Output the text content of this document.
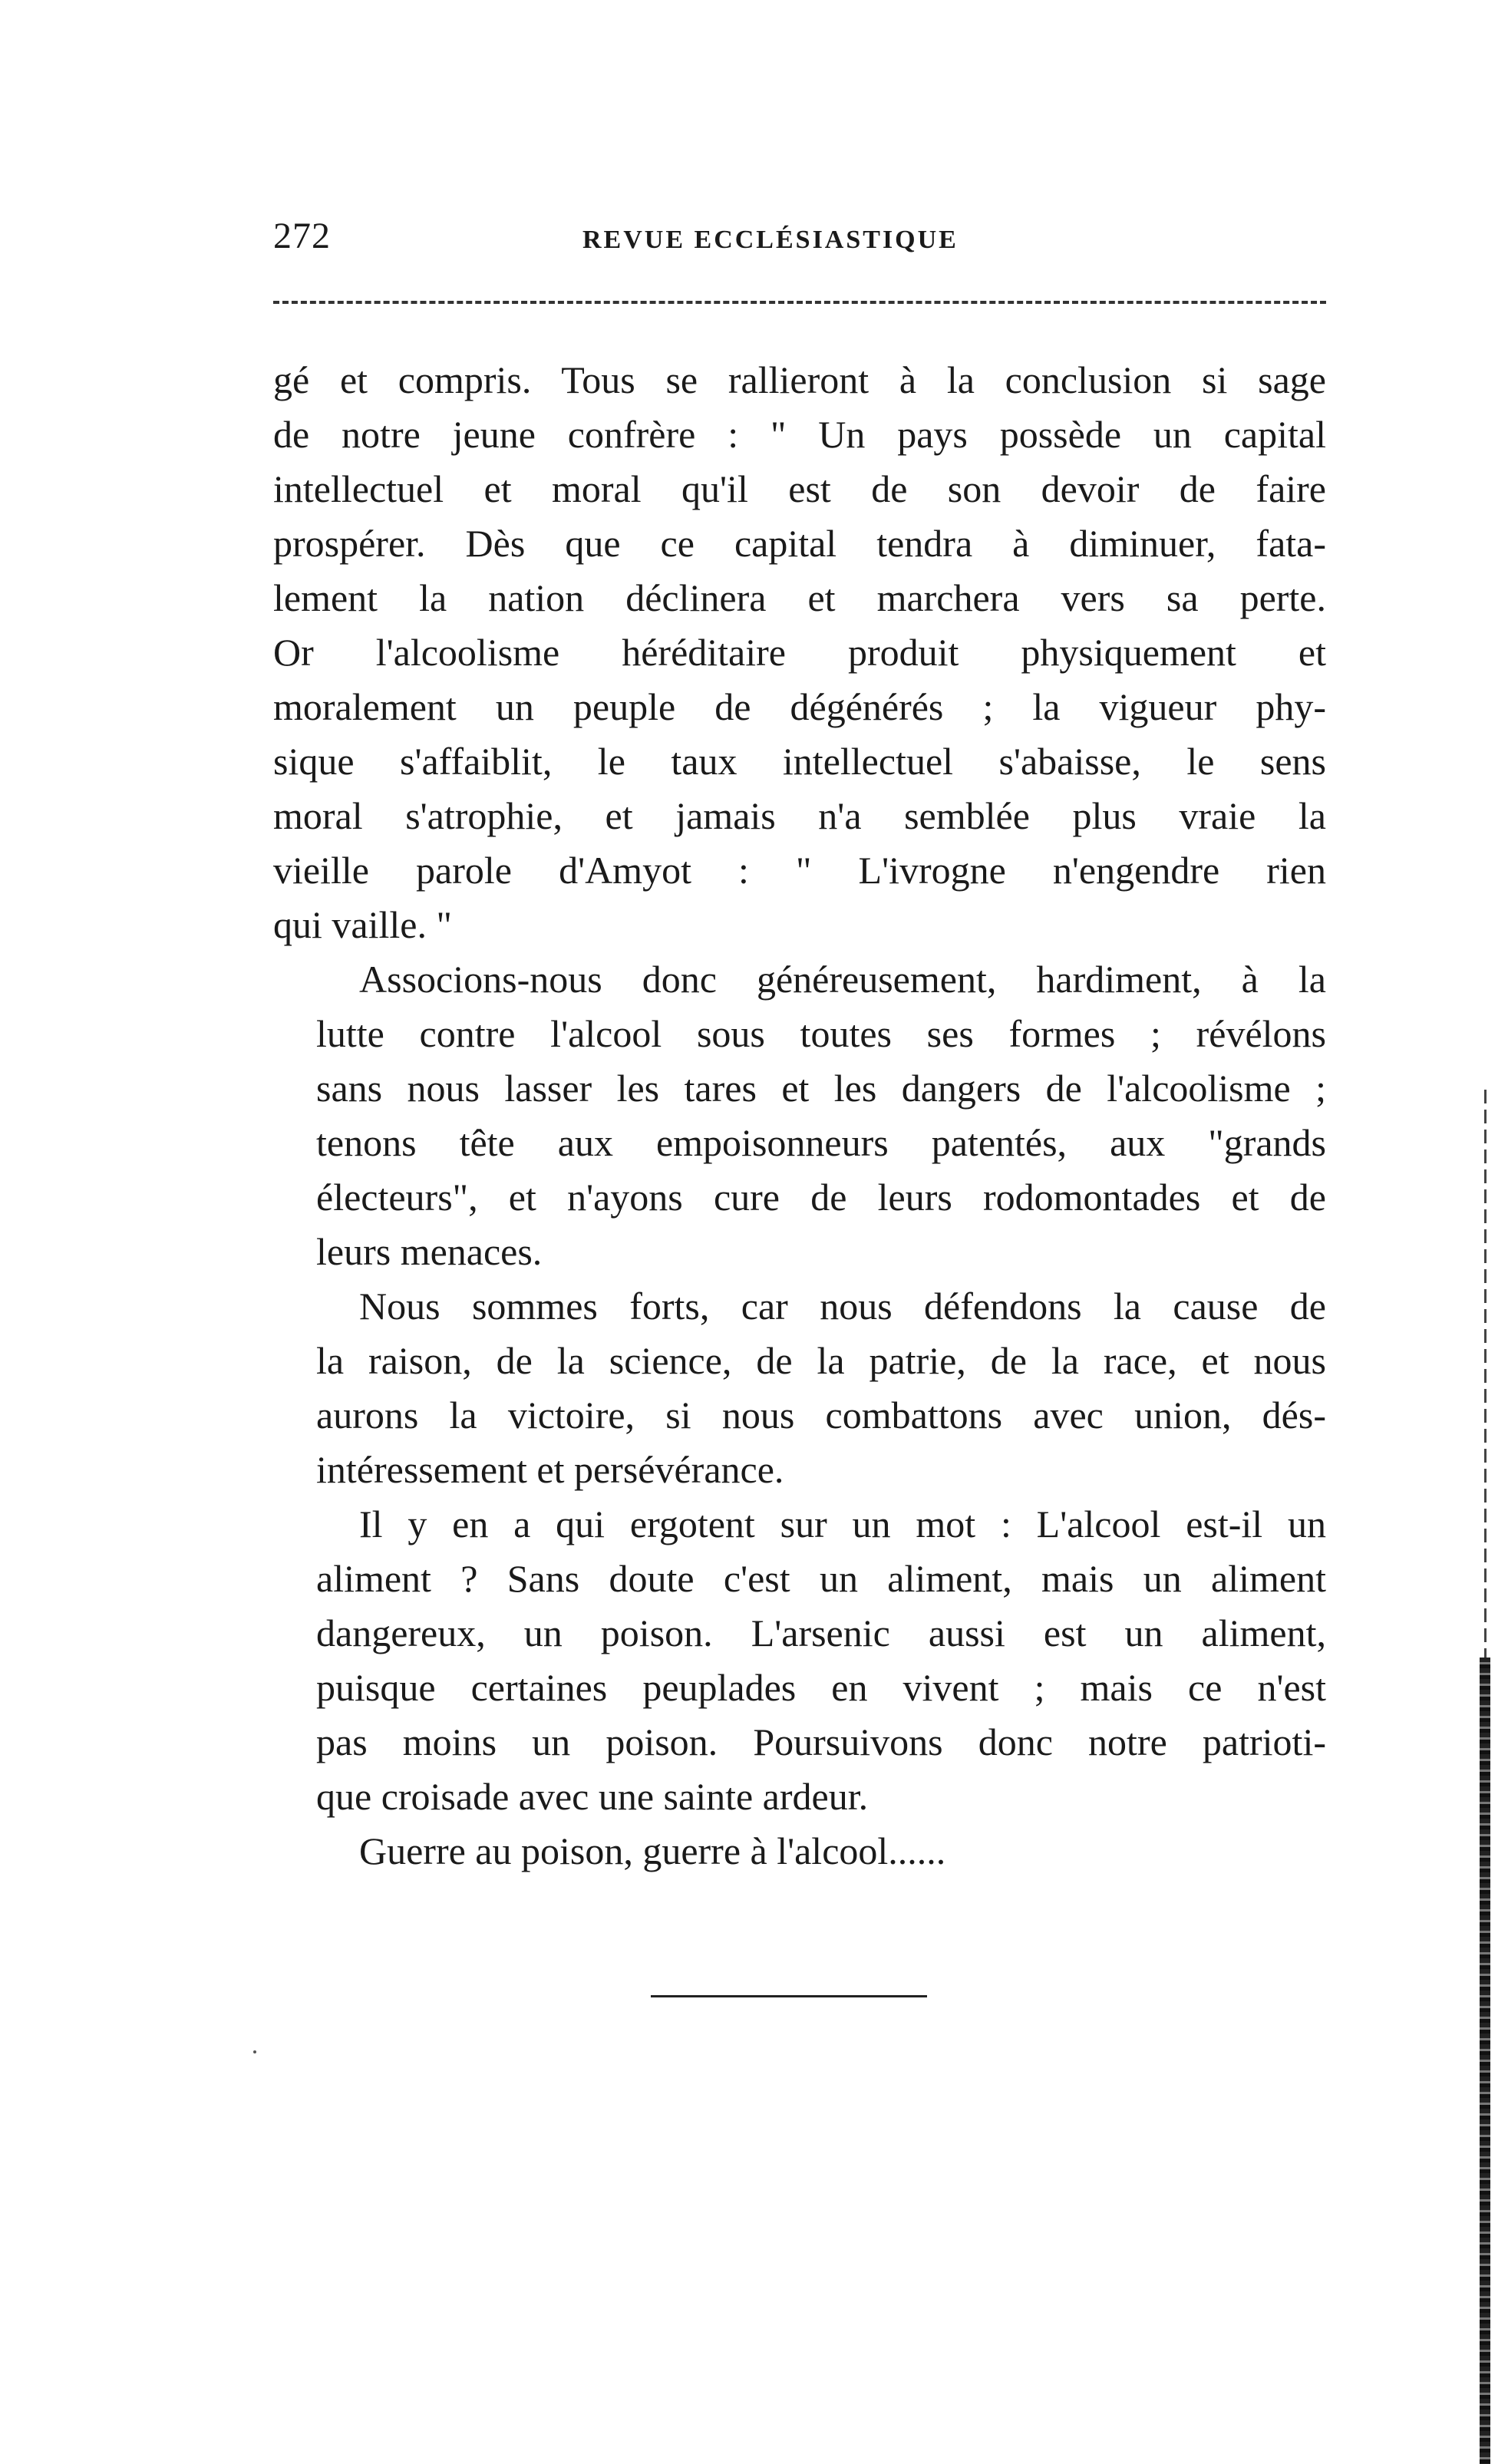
272	REVUE ECCLÉSIASTIQUE

gé et compris. Tous se rallieront à la conclusion si sage
de notre jeune confrère : " Un pays possède un capital
intellectuel et moral qu'il est de son devoir de faire
prospérer. Dès que ce capital tendra à diminuer, fata-
lement la nation déclinera et marchera vers sa perte.
Or l'alcoolisme héréditaire produit physiquement et
moralement un peuple de dégénérés ; la vigueur phy-
sique s'affaiblit, le taux intellectuel s'abaisse, le sens
moral s'atrophie, et jamais n'a semblée plus vraie la
vieille parole d'Amyot : " L'ivrogne n'engendre rien
qui vaille. "

Associons-nous donc généreusement, hardiment, à la
lutte contre l'alcool sous toutes ses formes ; révélons
sans nous lasser les tares et les dangers de l'alcoolisme ;
tenons tête aux empoisonneurs patentés, aux "grands
électeurs", et n'ayons cure de leurs rodomontades et de
leurs menaces.

Nous sommes forts, car nous défendons la cause de
la raison, de la science, de la patrie, de la race, et nous
aurons la victoire, si nous combattons avec union, dés-
intéressement et persévérance.

Il y en a qui ergotent sur un mot : L'alcool est-il un
aliment ? Sans doute c'est un aliment, mais un aliment
dangereux, un poison. L'arsenic aussi est un aliment,
puisque certaines peuplades en vivent ; mais ce n'est
pas moins un poison. Poursuivons donc notre patrioti-
que croisade avec une sainte ardeur.

Guerre au poison, guerre à l'alcool......
